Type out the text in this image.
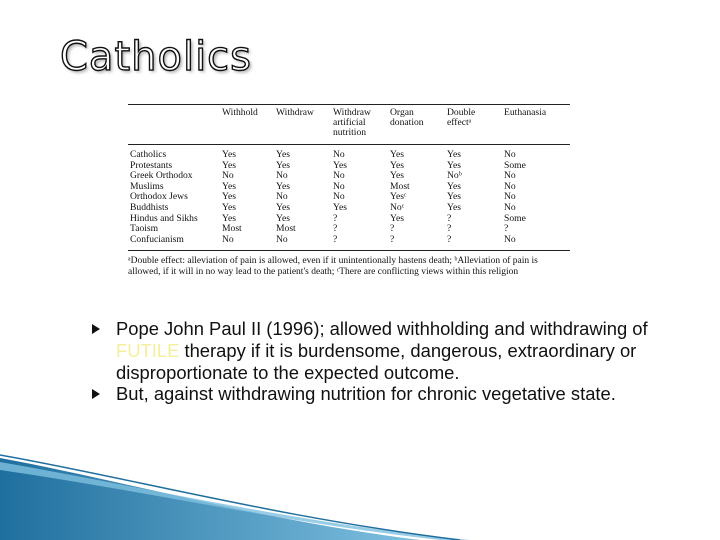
Catholics
	Withhold	Withdraw	Withdraw artificial nutrition	Organ donation	Double effectᵃ	Euthanasia
Catholics	Yes	Yes	No	Yes	Yes	No
Protestants	Yes	Yes	Yes	Yes	Yes	Some
Greek Orthodox	No	No	No	Yes	Noᵇ	No
Muslims	Yes	Yes	No	Most	Yes	No
Orthodox Jews	Yes	No	No	Yesᶜ	Yes	No
Buddhists	Yes	Yes	Yes	Noᶜ	Yes	No
Hindus and Sikhs	Yes	Yes	?	Yes	?	Some
Taoism	Most	Most	?	?	?	?
Confucianism	No	No	?	?	?	No
ᵃDouble effect: alleviation of pain is allowed, even if it unintentionally hastens death; ᵇAlleviation of pain is allowed, if it will in no way lead to the patient's death; ᶜThere are conflicting views within this religion
Pope John Paul II (1996); allowed withholding and withdrawing of FUTILE therapy if it is burdensome, dangerous, extraordinary or disproportionate to the expected outcome.
But, against withdrawing nutrition for chronic vegetative state.
